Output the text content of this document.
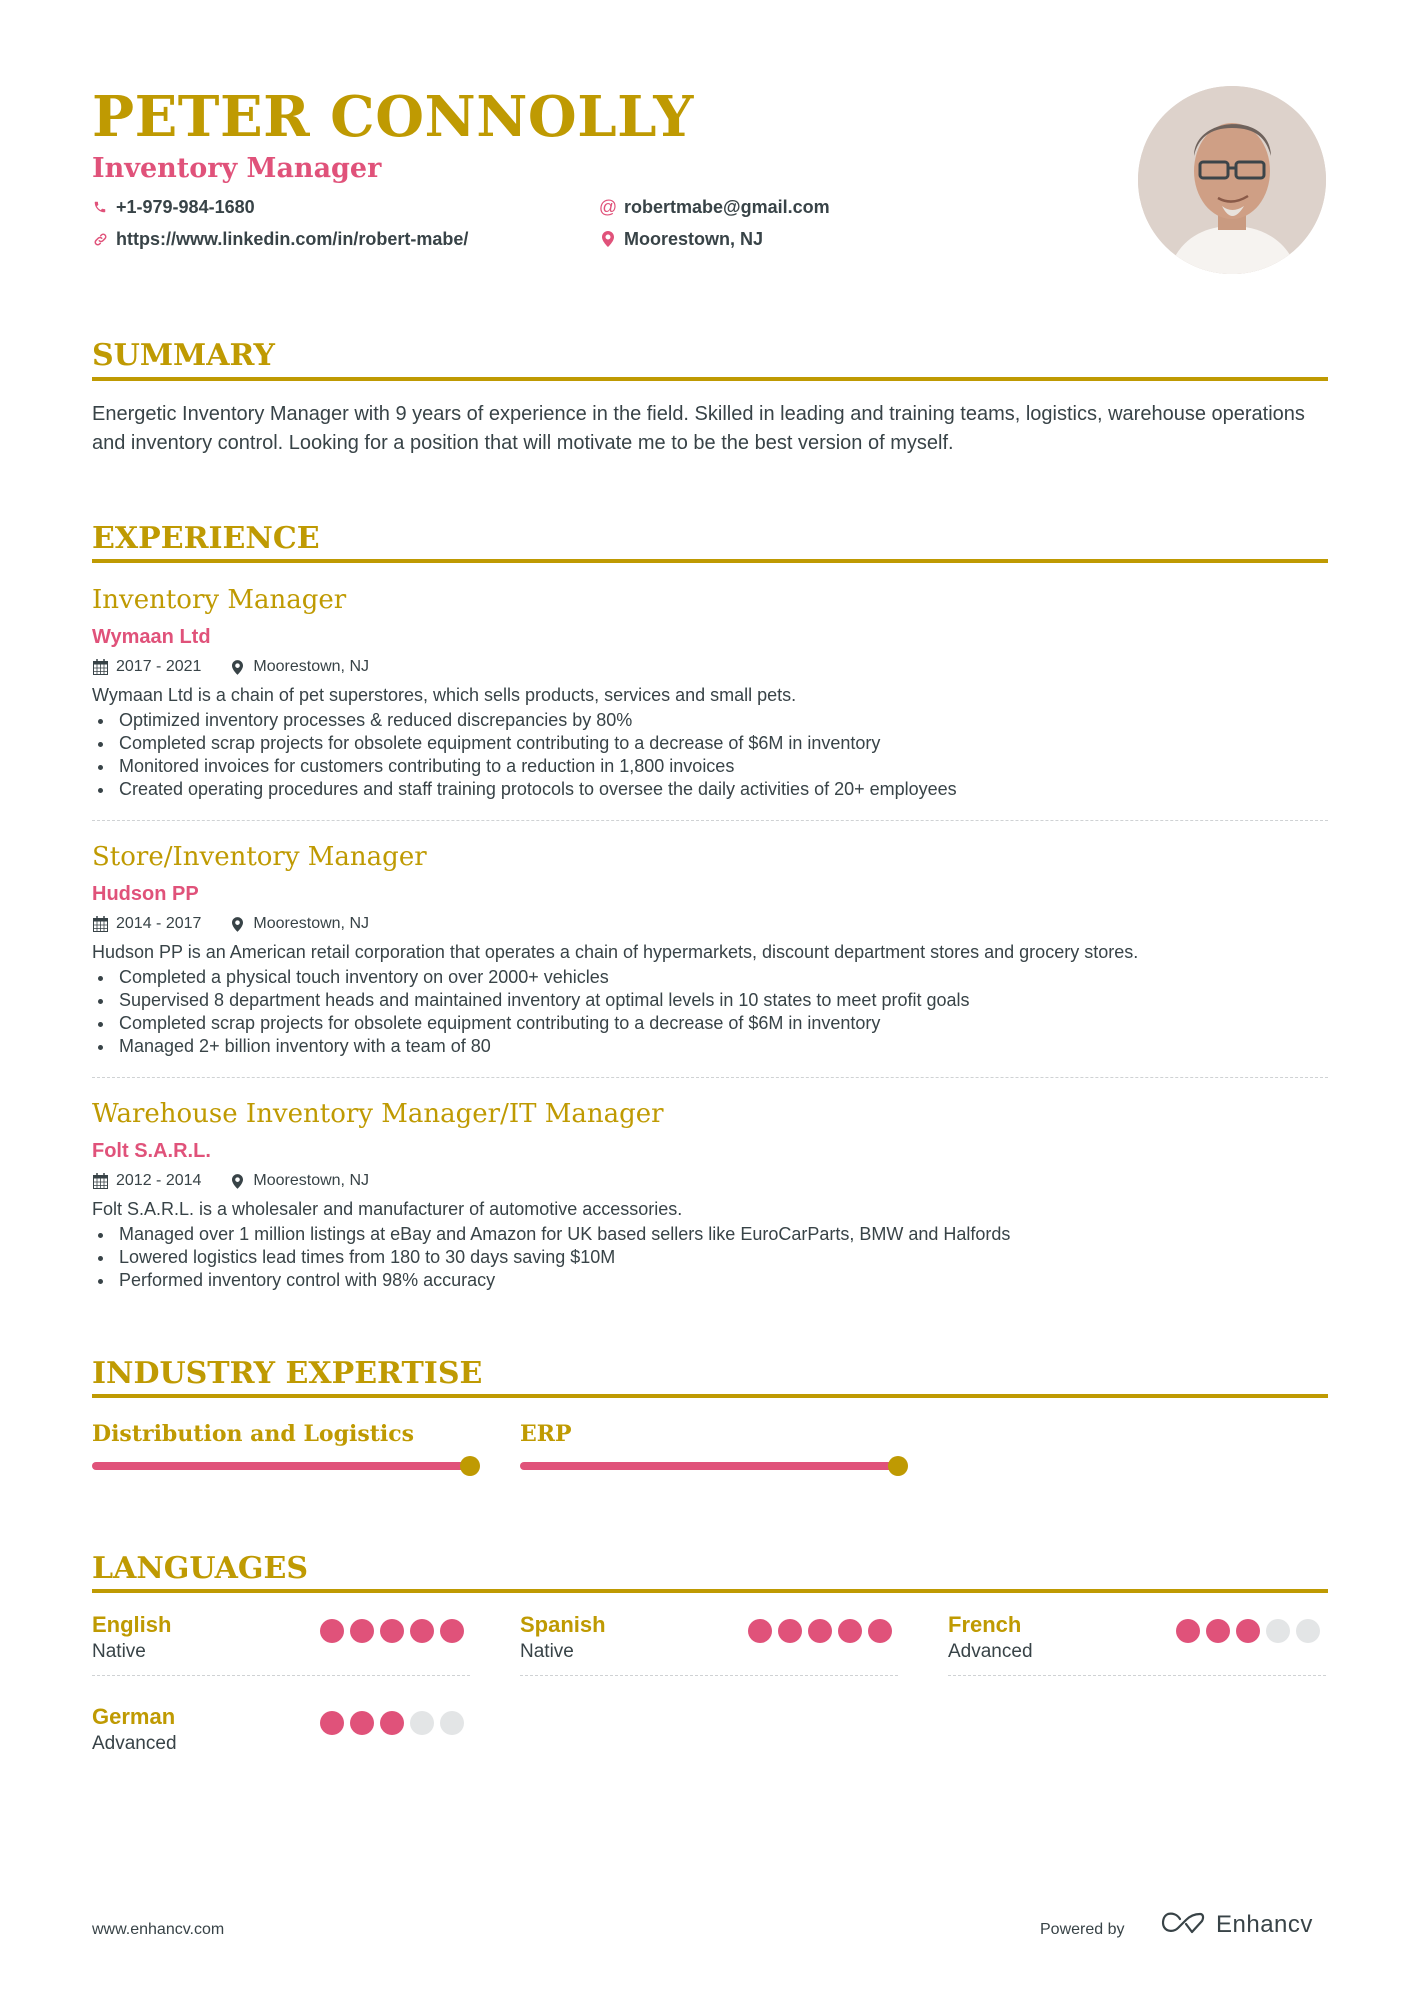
PETER CONNOLLY
Inventory Manager
+1-979-984-1680	@ robertmabe@gmail.com
https://www.linkedin.com/in/robert-mabe/	Moorestown, NJ
SUMMARY
Energetic Inventory Manager with 9 years of experience in the field. Skilled in leading and training teams, logistics, warehouse operations and inventory control. Looking for a position that will motivate me to be the best version of myself.
EXPERIENCE
Inventory Manager
Wymaan Ltd
2017 - 2021	Moorestown, NJ
Wymaan Ltd is a chain of pet superstores, which sells products, services and small pets.
Optimized inventory processes & reduced discrepancies by 80%
Completed scrap projects for obsolete equipment contributing to a decrease of $6M in inventory
Monitored invoices for customers contributing to a reduction in 1,800 invoices
Created operating procedures and staff training protocols to oversee the daily activities of 20+ employees
Store/Inventory Manager
Hudson PP
2014 - 2017	Moorestown, NJ
Hudson PP is an American retail corporation that operates a chain of hypermarkets, discount department stores and grocery stores.
Completed a physical touch inventory on over 2000+ vehicles
Supervised 8 department heads and maintained inventory at optimal levels in 10 states to meet profit goals
Completed scrap projects for obsolete equipment contributing to a decrease of $6M in inventory
Managed 2+ billion inventory with a team of 80
Warehouse Inventory Manager/IT Manager
Folt S.A.R.L.
2012 - 2014	Moorestown, NJ
Folt S.A.R.L. is a wholesaler and manufacturer of automotive accessories.
Managed over 1 million listings at eBay and Amazon for UK based sellers like EuroCarParts, BMW and Halfords
Lowered logistics lead times from 180 to 30 days saving $10M
Performed inventory control with 98% accuracy
INDUSTRY EXPERTISE
Distribution and Logistics	ERP
LANGUAGES
English
Native
Spanish
Native
French
Advanced
German
Advanced
www.enhancv.com	Powered by	Enhancv
